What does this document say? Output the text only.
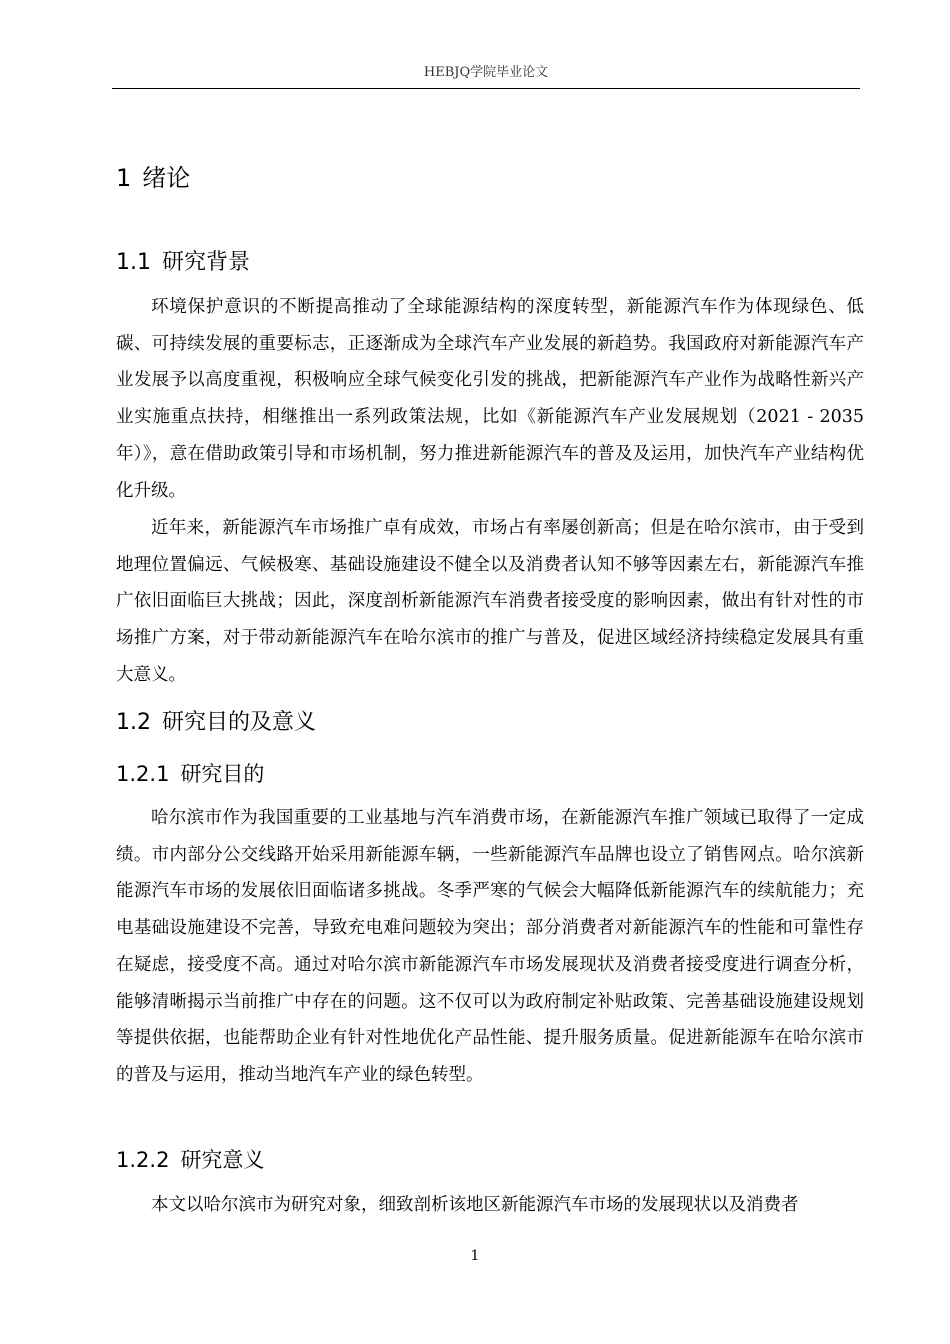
HEBJQ学院毕业论文
1 绪论
1.1 研究背景

环境保护意识的不断提高推动了全球能源结构的深度转型，新能源汽车作为体现绿色、低碳、可持续发展的重要标志，正逐渐成为全球汽车产业发展的新趋势。我国政府对新能源汽车产业发展予以高度重视，积极响应全球气候变化引发的挑战，把新能源汽车产业作为战略性新兴产业实施重点扶持，相继推出一系列政策法规，比如《新能源汽车产业发展规划（2021 - 2035 年）》，意在借助政策引导和市场机制，努力推进新能源汽车的普及及运用，加快汽车产业结构优化升级。

近年来，新能源汽车市场推广卓有成效，市场占有率屡创新高；但是在哈尔滨市，由于受到地理位置偏远、气候极寒、基础设施建设不健全以及消费者认知不够等因素左右，新能源汽车推广依旧面临巨大挑战；因此，深度剖析新能源汽车消费者接受度的影响因素，做出有针对性的市场推广方案，对于带动新能源汽车在哈尔滨市的推广与普及，促进区域经济持续稳定发展具有重大意义。

1.2 研究目的及意义
1.2.1 研究目的

哈尔滨市作为我国重要的工业基地与汽车消费市场，在新能源汽车推广领域已取得了一定成绩。市内部分公交线路开始采用新能源车辆，一些新能源汽车品牌也设立了销售网点。哈尔滨新能源汽车市场的发展依旧面临诸多挑战。冬季严寒的气候会大幅降低新能源汽车的续航能力；充电基础设施建设不完善，导致充电难问题较为突出；部分消费者对新能源汽车的性能和可靠性存在疑虑，接受度不高。通过对哈尔滨市新能源汽车市场发展现状及消费者接受度进行调查分析，能够清晰揭示当前推广中存在的问题。这不仅可以为政府制定补贴政策、完善基础设施建设规划等提供依据，也能帮助企业有针对性地优化产品性能、提升服务质量。促进新能源车在哈尔滨市的普及与运用，推动当地汽车产业的绿色转型。

1.2.2 研究意义

本文以哈尔滨市为研究对象，细致剖析该地区新能源汽车市场的发展现状以及消费者

1
